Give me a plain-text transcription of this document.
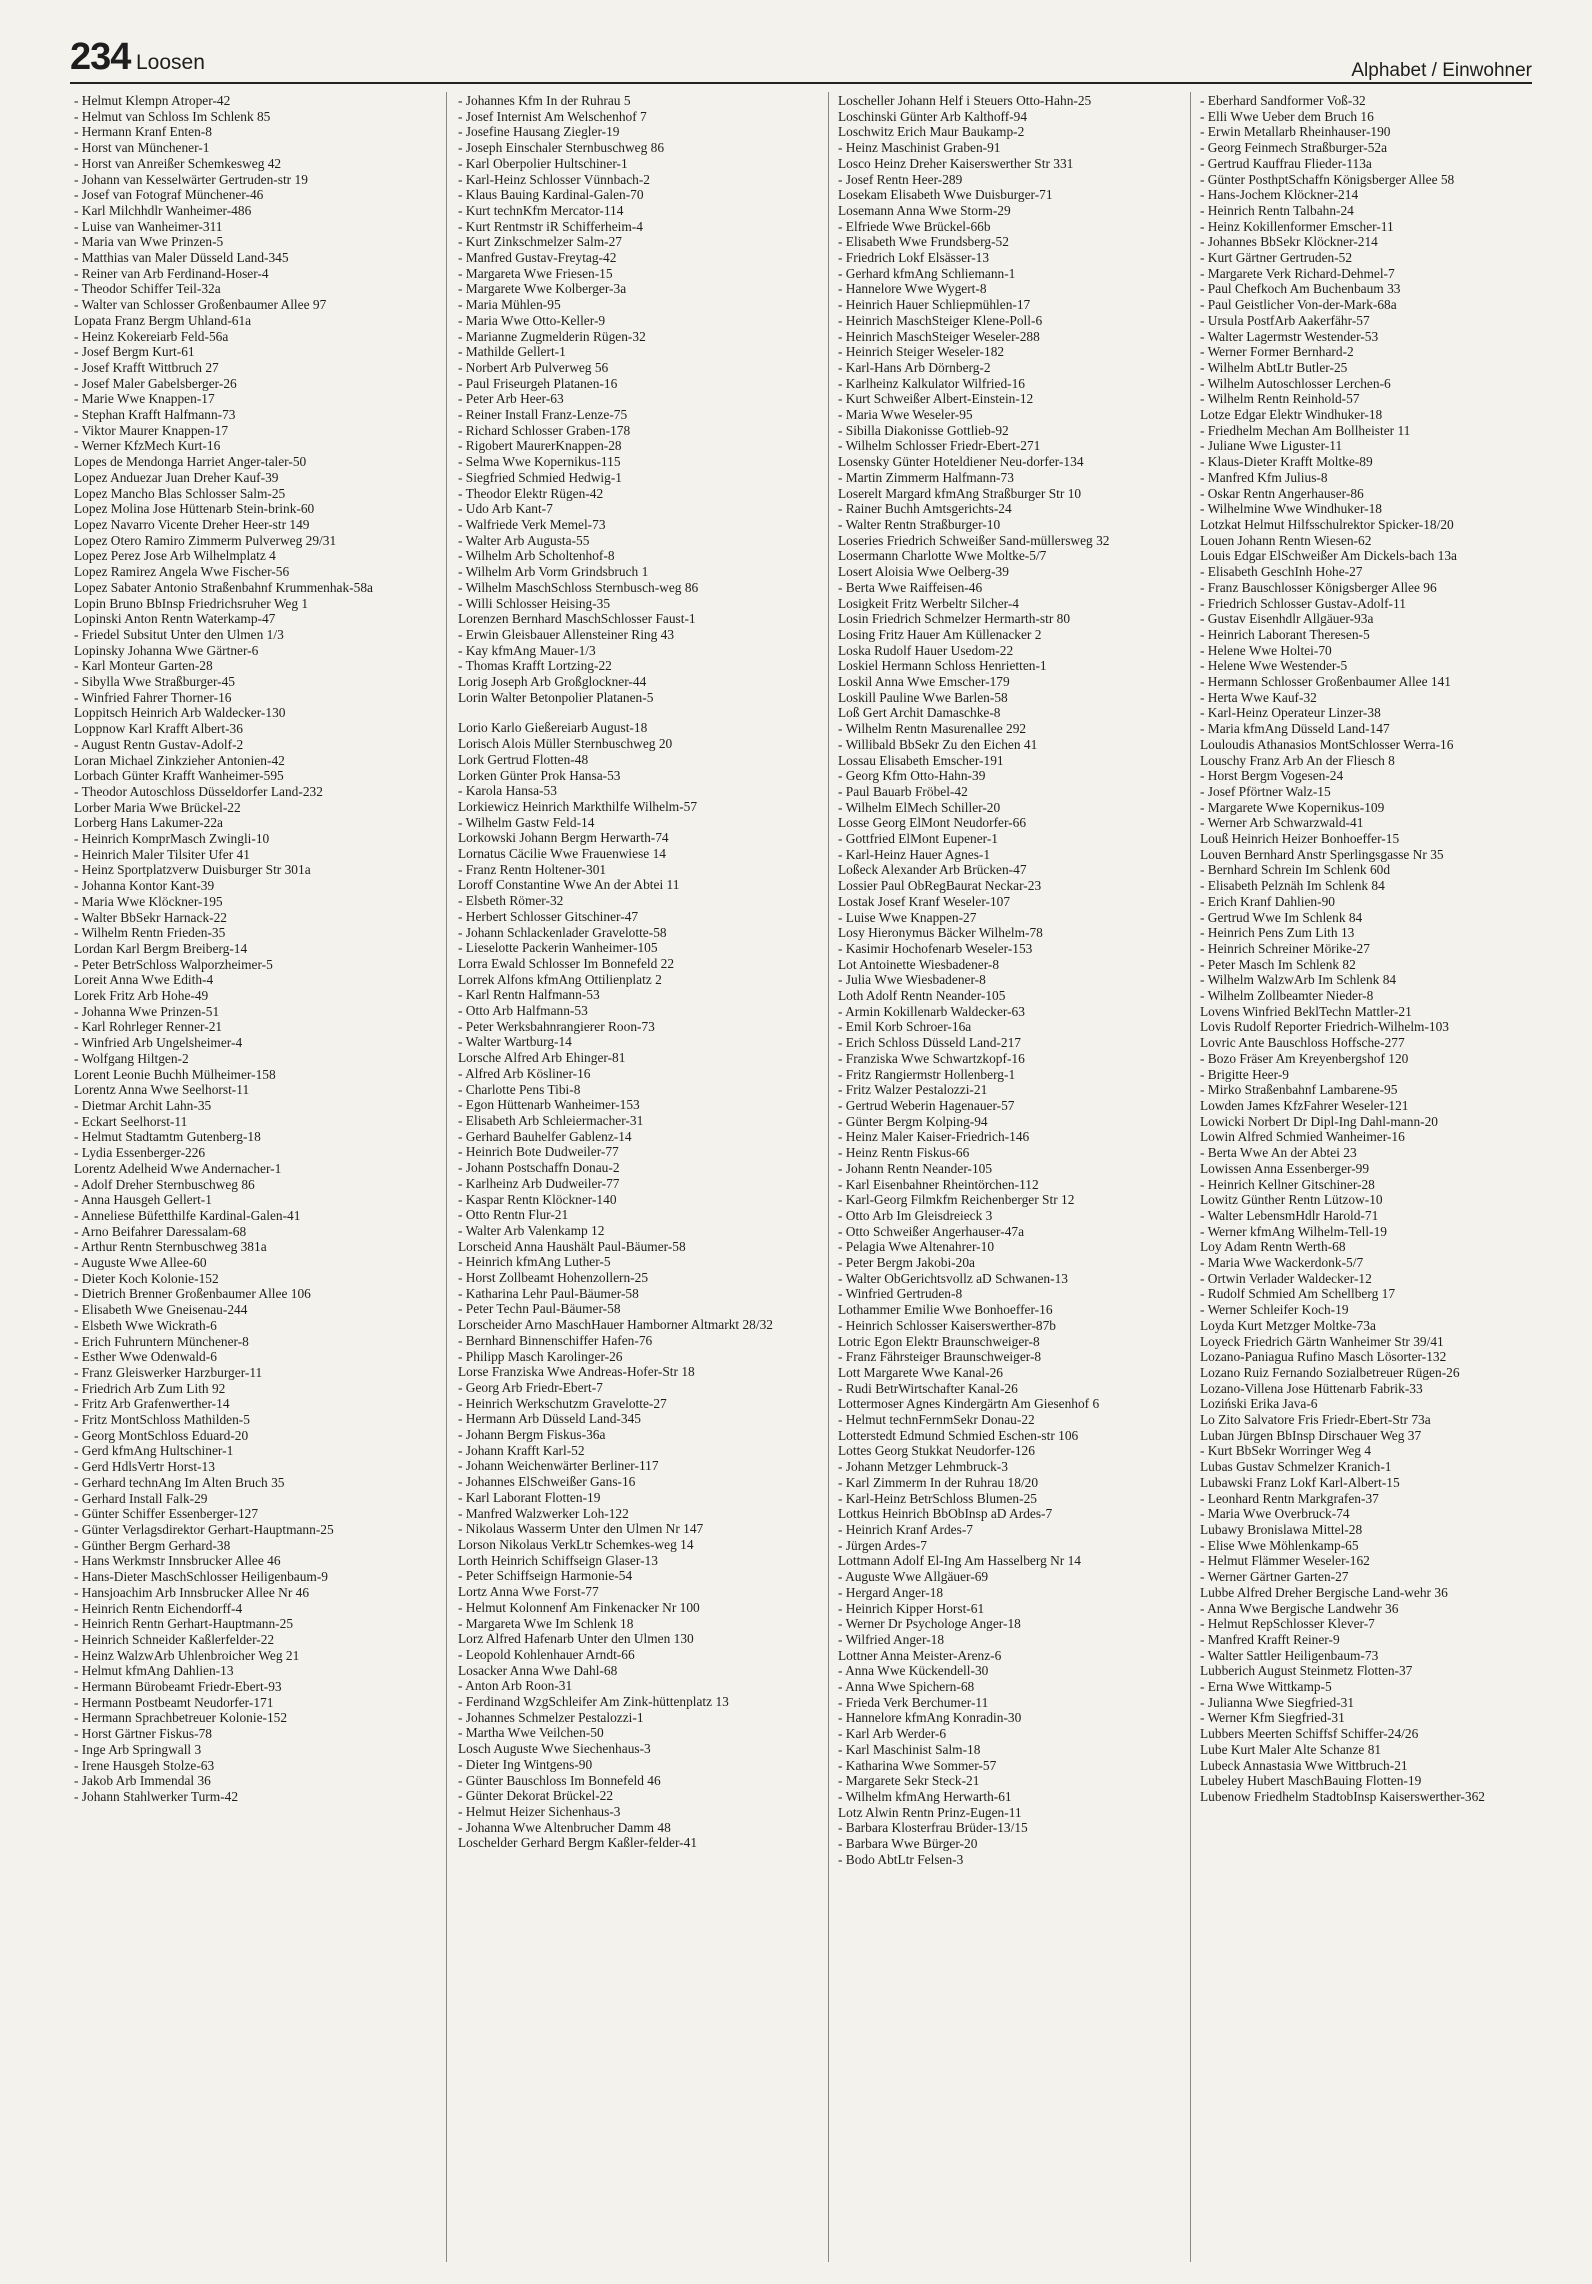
234 Loosen	Alphabet / Einwohner
- Helmut Klempn Atroper-42
- Helmut van Schloss Im Schlenk 85
- Hermann Kranf Enten-8
- Horst van Münchener-1
- Horst van Anreißer Schemkesweg 42
- Johann van Kesselwärter Gertruden-str 19
- Josef van Fotograf Münchener-46
- Karl Milchhdlr Wanheimer-486
- Luise van Wanheimer-311
- Maria van Wwe Prinzen-5
- Matthias van Maler Düsseld Land-345
- Reiner van Arb Ferdinand-Hoser-4
- Theodor Schiffer Teil-32a
- Walter van Schlosser Großenbaumer Allee 97
Lopata Franz Bergm Uhland-61a
- Heinz Kokereiarb Feld-56a
- Josef Bergm Kurt-61
- Josef Krafft Wittbruch 27
- Josef Maler Gabelsberger-26
- Marie Wwe Knappen-17
- Stephan Krafft Halfmann-73
- Viktor Maurer Knappen-17
- Werner KfzMech Kurt-16
Lopes de Mendonga Harriet Anger-taler-50
Lopez Anduezar Juan Dreher Kauf-39
Lopez Mancho Blas Schlosser Salm-25
Lopez Molina Jose Hüttenarb Stein-brink-60
Lopez Navarro Vicente Dreher Heer-str 149
Lopez Otero Ramiro Zimmerm Pulverweg 29/31
Lopez Perez Jose Arb Wilhelmplatz 4
Lopez Ramirez Angela Wwe Fischer-56
Lopez Sabater Antonio Straßenbahnf Krummenhak-58a
Lopin Bruno BbInsp Friedrichsruher Weg 1
Lopinski Anton Rentn Waterkamp-47
- Friedel Subsitut Unter den Ulmen 1/3
Lopinsky Johanna Wwe Gärtner-6
- Karl Monteur Garten-28
- Sibylla Wwe Straßburger-45
- Winfried Fahrer Thorner-16
Loppitsch Heinrich Arb Waldecker-130
Loppnow Karl Krafft Albert-36
- August Rentn Gustav-Adolf-2
Loran Michael Zinkzieher Antonien-42
Lorbach Günter Krafft Wanheimer-595
- Theodor Autoschloss Düsseldorfer Land-232
Lorber Maria Wwe Brückel-22
Lorberg Hans Lakumer-22a
- Heinrich KomprMasch Zwingli-10
- Heinrich Maler Tilsiter Ufer 41
- Heinz Sportplatzverw Duisburger Str 301a
- Johanna Kontor Kant-39
- Maria Wwe Klöckner-195
- Walter BbSekr Harnack-22
- Wilhelm Rentn Frieden-35
Lordan Karl Bergm Breiberg-14
- Peter BetrSchloss Walporzheimer-5
Loreit Anna Wwe Edith-4
Lorek Fritz Arb Hohe-49
- Johanna Wwe Prinzen-51
- Karl Rohrleger Renner-21
- Winfried Arb Ungelsheimer-4
- Wolfgang Hiltgen-2
Lorent Leonie Buchh Mülheimer-158
Lorentz Anna Wwe Seelhorst-11
- Dietmar Archit Lahn-35
- Eckart Seelhorst-11
- Helmut Stadtamtm Gutenberg-18
- Lydia Essenberger-226
Lorentz Adelheid Wwe Andernacher-1
- Adolf Dreher Sternbuschweg 86
- Anna Hausgeh Gellert-1
- Anneliese Büfetthilfe Kardinal-Galen-41
- Arno Beifahrer Daressalam-68
- Arthur Rentn Sternbuschweg 381a
- Auguste Wwe Allee-60
- Dieter Koch Kolonie-152
- Dietrich Brenner Großenbaumer Allee 106
- Elisabeth Wwe Gneisenau-244
- Elsbeth Wwe Wickrath-6
- Erich Fuhruntern Münchener-8
- Esther Wwe Odenwald-6
- Franz Gleiswerker Harzburger-11
- Friedrich Arb Zum Lith 92
- Fritz Arb Grafenwerther-14
- Fritz MontSchloss Mathilden-5
- Georg MontSchloss Eduard-20
- Gerd kfmAng Hultschiner-1
- Gerd HdlsVertr Horst-13
- Gerhard technAng Im Alten Bruch 35
- Gerhard Install Falk-29
- Günter Schiffer Essenberger-127
- Günter Verlagsdirektor Gerhart-Hauptmann-25
- Günther Bergm Gerhard-38
- Hans Werkmstr Innsbrucker Allee 46
- Hans-Dieter MaschSchlosser Heiligenbaum-9
- Hansjoachim Arb Innsbrucker Allee Nr 46
- Heinrich Rentn Eichendorff-4
- Heinrich Rentn Gerhart-Hauptmann-25
- Heinrich Schneider Kaßlerfelder-22
- Heinz WalzwArb Uhlenbroicher Weg 21
- Helmut kfmAng Dahlien-13
- Hermann Bürobeamt Friedr-Ebert-93
- Hermann Postbeamt Neudorfer-171
- Hermann Sprachbetreuer Kolonie-152
- Horst Gärtner Fiskus-78
- Inge Arb Springwall 3
- Irene Hausgeh Stolze-63
- Jakob Arb Immendal 36
- Johann Stahlwerker Turm-42
- Johannes Kfm In der Ruhrau 5
- Josef Internist Am Welschenhof 7
- Josefine Hausang Ziegler-19
- Joseph Einschaler Sternbuschweg 86
- Karl Oberpolier Hultschiner-1
- Karl-Heinz Schlosser Vünnbach-2
- Klaus Bauing Kardinal-Galen-70
- Kurt technKfm Mercator-114
- Kurt Rentmstr iR Schifferheim-4
- Kurt Zinkschmelzer Salm-27
- Manfred Gustav-Freytag-42
- Margareta Wwe Friesen-15
- Margarete Wwe Kolberger-3a
- Maria Mühlen-95
- Maria Wwe Otto-Keller-9
- Marianne Zugmelderin Rügen-32
- Mathilde Gellert-1
- Norbert Arb Pulverweg 56
- Paul Friseurgeh Platanen-16
- Peter Arb Heer-63
- Reiner Install Franz-Lenze-75
- Richard Schlosser Graben-178
- Rigobert MaurerKnappen-28
- Selma Wwe Kopernikus-115
- Siegfried Schmied Hedwig-1
- Theodor Elektr Rügen-42
- Udo Arb Kant-7
- Walfriede Verk Memel-73
- Walter Arb Augusta-55
- Wilhelm Arb Scholtenhof-8
- Wilhelm Arb Vorm Grindsbruch 1
- Wilhelm MaschSchloss Sternbusch-weg 86
- Willi Schlosser Heising-35
Lorenzen Bernhard MaschSchlosser Faust-1
- Erwin Gleisbauer Allensteiner Ring 43
- Kay kfmAng Mauer-1/3
- Thomas Krafft Lortzing-22
Lorig Joseph Arb Großglockner-44
Lorin Walter Betonpolier Platanen-5
Lorio Karlo Gießereiarb August-18
Lorisch Alois Müller Sternbuschweg 20
Lork Gertrud Flotten-48
Lorken Günter Prok Hansa-53
- Karola Hansa-53
Lorkiewicz Heinrich Markthilfe Wilhelm-57
- Wilhelm Gastw Feld-14
Lorkowski Johann Bergm Herwarth-74
Lornatus Cäcilie Wwe Frauenwiese 14
- Franz Rentn Holtener-301
Loroff Constantine Wwe An der Abtei 11
- Elsbeth Römer-32
- Herbert Schlosser Gitschiner-47
- Johann Schlackenlader Gravelotte-58
- Lieselotte Packerin Wanheimer-105
Lorra Ewald Schlosser Im Bonnefeld 22
Lorrek Alfons kfmAng Ottilienplatz 2
- Karl Rentn Halfmann-53
- Otto Arb Halfmann-53
- Peter Werksbahnrangierer Roon-73
- Walter Wartburg-14
Lorsche Alfred Arb Ehinger-81
- Alfred Arb Kösliner-16
- Charlotte Pens Tibi-8
- Egon Hüttenarb Wanheimer-153
- Elisabeth Arb Schleiermacher-31
- Gerhard Bauhelfer Gablenz-14
- Heinrich Bote Dudweiler-77
- Johann Postschaffn Donau-2
- Karlheinz Arb Dudweiler-77
- Kaspar Rentn Klöckner-140
- Otto Rentn Flur-21
- Walter Arb Valenkamp 12
Lorscheid Anna Haushält Paul-Bäumer-58
- Heinrich kfmAng Luther-5
- Horst Zollbeamt Hohenzollern-25
- Katharina Lehr Paul-Bäumer-58
- Peter Techn Paul-Bäumer-58
Lorscheider Arno MaschHauer Hamborner Altmarkt 28/32
- Bernhard Binnenschiffer Hafen-76
- Philipp Masch Karolinger-26
Lorse Franziska Wwe Andreas-Hofer-Str 18
- Georg Arb Friedr-Ebert-7
- Heinrich Werkschutzm Gravelotte-27
- Hermann Arb Düsseld Land-345
- Johann Bergm Fiskus-36a
- Johann Krafft Karl-52
- Johann Weichenwärter Berliner-117
- Johannes ElSchweißer Gans-16
- Karl Laborant Flotten-19
- Manfred Walzwerker Loh-122
- Nikolaus Wasserm Unter den Ulmen Nr 147
Lorson Nikolaus VerkLtr Schemkes-weg 14
Lorth Heinrich Schiffseign Glaser-13
- Peter Schiffseign Harmonie-54
Lortz Anna Wwe Forst-77
- Helmut Kolonnenf Am Finkenacker Nr 100
- Margareta Wwe Im Schlenk 18
Lorz Alfred Hafenarb Unter den Ulmen 130
- Leopold Kohlenhauer Arndt-66
Losacker Anna Wwe Dahl-68
- Anton Arb Roon-31
- Ferdinand WzgSchleifer Am Zink-hüttenplatz 13
- Johannes Schmelzer Pestalozzi-1
- Martha Wwe Veilchen-50
Losch Auguste Wwe Siechenhaus-3
- Dieter Ing Wintgens-90
- Günter Bauschloss Im Bonnefeld 46
- Günter Dekorat Brückel-22
- Helmut Heizer Sichenhaus-3
- Johanna Wwe Altenbrucher Damm 48
Loschelder Gerhard Bergm Kaßler-felder-41
Loscheller Johann Helf i Steuers Otto-Hahn-25
Loschinski Günter Arb Kalthoff-94
Loschwitz Erich Maur Baukamp-2
- Heinz Maschinist Graben-91
Losco Heinz Dreher Kaiserswerther Str 331
- Josef Rentn Heer-289
Losekam Elisabeth Wwe Duisburger-71
Losemann Anna Wwe Storm-29
- Elfriede Wwe Brückel-66b
- Elisabeth Wwe Frundsberg-52
- Friedrich Lokf Elsässer-13
- Gerhard kfmAng Schliemann-1
- Hannelore Wwe Wygert-8
- Heinrich Hauer Schliepmühlen-17
- Heinrich MaschSteiger Klene-Poll-6
- Heinrich MaschSteiger Weseler-288
- Heinrich Steiger Weseler-182
- Karl-Hans Arb Dörnberg-2
- Karlheinz Kalkulator Wilfried-16
- Kurt Schweißer Albert-Einstein-12
- Maria Wwe Weseler-95
- Sibilla Diakonisse Gottlieb-92
- Wilhelm Schlosser Friedr-Ebert-271
Losensky Günter Hoteldiener Neu-dorfer-134
- Martin Zimmerm Halfmann-73
Loserelt Margard kfmAng Straßburger Str 10
- Rainer Buchh Amtsgerichts-24
- Walter Rentn Straßburger-10
Loseries Friedrich Schweißer Sand-müllersweg 32
Losermann Charlotte Wwe Moltke-5/7
Losert Aloisia Wwe Oelberg-39
- Berta Wwe Raiffeisen-46
Losigkeit Fritz Werbeltr Silcher-4
Losin Friedrich Schmelzer Hermarth-str 80
Losing Fritz Hauer Am Küllenacker 2
Loska Rudolf Hauer Usedom-22
Loskiel Hermann Schloss Henrietten-1
Loskil Anna Wwe Emscher-179
Loskill Pauline Wwe Barlen-58
Loß Gert Archit Damaschke-8
- Wilhelm Rentn Masurenallee 292
- Willibald BbSekr Zu den Eichen 41
Lossau Elisabeth Emscher-191
- Georg Kfm Otto-Hahn-39
- Paul Bauarb Fröbel-42
- Wilhelm ElMech Schiller-20
Losse Georg ElMont Neudorfer-66
- Gottfried ElMont Eupener-1
- Karl-Heinz Hauer Agnes-1
Loßeck Alexander Arb Brücken-47
Lossier Paul ObRegBaurat Neckar-23
Lostak Josef Kranf Weseler-107
- Luise Wwe Knappen-27
Losy Hieronymus Bäcker Wilhelm-78
- Kasimir Hochofenarb Weseler-153
Lot Antoinette Wiesbadener-8
- Julia Wwe Wiesbadener-8
Loth Adolf Rentn Neander-105
- Armin Kokillenarb Waldecker-63
- Emil Korb Schroer-16a
- Erich Schloss Düsseld Land-217
- Franziska Wwe Schwartzkopf-16
- Fritz Rangiermstr Hollenberg-1
- Fritz Walzer Pestalozzi-21
- Gertrud Weberin Hagenauer-57
- Günter Bergm Kolping-94
- Heinz Maler Kaiser-Friedrich-146
- Heinz Rentn Fiskus-66
- Johann Rentn Neander-105
- Karl Eisenbahner Rheintörchen-112
- Karl-Georg Filmkfm Reichenberger Str 12
- Otto Arb Im Gleisdreieck 3
- Otto Schweißer Angerhauser-47a
- Pelagia Wwe Altenahrer-10
- Peter Bergm Jakobi-20a
- Walter ObGerichtsvollz aD Schwanen-13
- Winfried Gertruden-8
Lothammer Emilie Wwe Bonhoeffer-16
- Heinrich Schlosser Kaiserswerther-87b
Lotric Egon Elektr Braunschweiger-8
- Franz Fährsteiger Braunschweiger-8
Lott Margarete Wwe Kanal-26
- Rudi BetrWirtschafter Kanal-26
Lottermoser Agnes Kindergärtn Am Giesenhof 6
- Helmut technFernmSekr Donau-22
Lotterstedt Edmund Schmied Eschen-str 106
Lottes Georg Stukkat Neudorfer-126
- Johann Metzger Lehmbruck-3
- Karl Zimmerm In der Ruhrau 18/20
- Karl-Heinz BetrSchloss Blumen-25
Lottkus Heinrich BbObInsp aD Ardes-7
- Heinrich Kranf Ardes-7
- Jürgen Ardes-7
Lottmann Adolf El-Ing Am Hasselberg Nr 14
- Auguste Wwe Allgäuer-69
- Hergard Anger-18
- Heinrich Kipper Horst-61
- Werner Dr Psychologe Anger-18
- Wilfried Anger-18
Lottner Anna Meister-Arenz-6
- Anna Wwe Kückendell-30
- Anna Wwe Spichern-68
- Frieda Verk Berchumer-11
- Hannelore kfmAng Konradin-30
- Karl Arb Werder-6
- Karl Maschinist Salm-18
- Katharina Wwe Sommer-57
- Margarete Sekr Steck-21
- Wilhelm kfmAng Herwarth-61
Lotz Alwin Rentn Prinz-Eugen-11
- Barbara Klosterfrau Brüder-13/15
- Barbara Wwe Bürger-20
- Bodo AbtLtr Felsen-3
- Eberhard Sandformer Voß-32
- Elli Wwe Ueber dem Bruch 16
- Erwin Metallarb Rheinhauser-190
- Georg Feinmech Straßburger-52a
- Gertrud Kauffrau Flieder-113a
- Günter PosthptSchaffn Königsberger Allee 58
- Hans-Jochem Klöckner-214
- Heinrich Rentn Talbahn-24
- Heinz Kokillenformer Emscher-11
- Johannes BbSekr Klöckner-214
- Kurt Gärtner Gertruden-52
- Margarete Verk Richard-Dehmel-7
- Paul Chefkoch Am Buchenbaum 33
- Paul Geistlicher Von-der-Mark-68a
- Ursula PostfArb Aakerfähr-57
- Walter Lagermstr Westender-53
- Werner Former Bernhard-2
- Wilhelm AbtLtr Butler-25
- Wilhelm Autoschlosser Lerchen-6
- Wilhelm Rentn Reinhold-57
Lotze Edgar Elektr Windhuker-18
- Friedhelm Mechan Am Bollheister 11
- Juliane Wwe Liguster-11
- Klaus-Dieter Krafft Moltke-89
- Manfred Kfm Julius-8
- Oskar Rentn Angerhauser-86
- Wilhelmine Wwe Windhuker-18
Lotzkat Helmut Hilfsschulrektor Spicker-18/20
Louen Johann Rentn Wiesen-62
Louis Edgar ElSchweißer Am Dickels-bach 13a
- Elisabeth GeschInh Hohe-27
- Franz Bauschlosser Königsberger Allee 96
- Friedrich Schlosser Gustav-Adolf-11
- Gustav Eisenhdlr Allgäuer-93a
- Heinrich Laborant Theresen-5
- Helene Wwe Holtei-70
- Helene Wwe Westender-5
- Hermann Schlosser Großenbaumer Allee 141
- Herta Wwe Kauf-32
- Karl-Heinz Operateur Linzer-38
- Maria kfmAng Düsseld Land-147
Louloudis Athanasios MontSchlosser Werra-16
Louschy Franz Arb An der Fliesch 8
- Horst Bergm Vogesen-24
- Josef Pförtner Walz-15
- Margarete Wwe Kopernikus-109
- Werner Arb Schwarzwald-41
Louß Heinrich Heizer Bonhoeffer-15
Louven Bernhard Anstr Sperlingsgasse Nr 35
- Bernhard Schrein Im Schlenk 60d
- Elisabeth Pelznäh Im Schlenk 84
- Erich Kranf Dahlien-90
- Gertrud Wwe Im Schlenk 84
- Heinrich Pens Zum Lith 13
- Heinrich Schreiner Mörike-27
- Peter Masch Im Schlenk 82
- Wilhelm WalzwArb Im Schlenk 84
- Wilhelm Zollbeamter Nieder-8
Lovens Winfried BeklTechn Mattler-21
Lovis Rudolf Reporter Friedrich-Wilhelm-103
Lovric Ante Bauschloss Hoffsche-277
- Bozo Fräser Am Kreyenbergshof 120
- Brigitte Heer-9
- Mirko Straßenbahnf Lambarene-95
Lowden James KfzFahrer Weseler-121
Lowicki Norbert Dr Dipl-Ing Dahl-mann-20
Lowin Alfred Schmied Wanheimer-16
- Berta Wwe An der Abtei 23
Lowissen Anna Essenberger-99
- Heinrich Kellner Gitschiner-28
Lowitz Günther Rentn Lützow-10
- Walter LebensmHdlr Harold-71
- Werner kfmAng Wilhelm-Tell-19
Loy Adam Rentn Werth-68
- Maria Wwe Wackerdonk-5/7
- Ortwin Verlader Waldecker-12
- Rudolf Schmied Am Schellberg 17
- Werner Schleifer Koch-19
Loyda Kurt Metzger Moltke-73a
Loyeck Friedrich Gärtn Wanheimer Str 39/41
Lozano-Paniagua Rufino Masch Lösorter-132
Lozano Ruiz Fernando Sozialbetreuer Rügen-26
Lozano-Villena Jose Hüttenarb Fabrik-33
Loziński Erika Java-6
Lo Zito Salvatore Fris Friedr-Ebert-Str 73a
Luban Jürgen BbInsp Dirschauer Weg 37
- Kurt BbSekr Worringer Weg 4
Lubas Gustav Schmelzer Kranich-1
Lubawski Franz Lokf Karl-Albert-15
- Leonhard Rentn Markgrafen-37
- Maria Wwe Overbruck-74
Lubawy Bronislawa Mittel-28
- Elise Wwe Möhlenkamp-65
- Helmut Flämmer Weseler-162
- Werner Gärtner Garten-27
Lubbe Alfred Dreher Bergische Land-wehr 36
- Anna Wwe Bergische Landwehr 36
- Helmut RepSchlosser Klever-7
- Manfred Krafft Reiner-9
- Walter Sattler Heiligenbaum-73
Lubberich August Steinmetz Flotten-37
- Erna Wwe Wittkamp-5
- Julianna Wwe Siegfried-31
- Werner Kfm Siegfried-31
Lubbers Meerten Schiffsf Schiffer-24/26
Lube Kurt Maler Alte Schanze 81
Lubeck Annastasia Wwe Wittbruch-21
Lubeley Hubert MaschBauing Flotten-19
Lubenow Friedhelm StadtobInsp Kaiserswerther-362
